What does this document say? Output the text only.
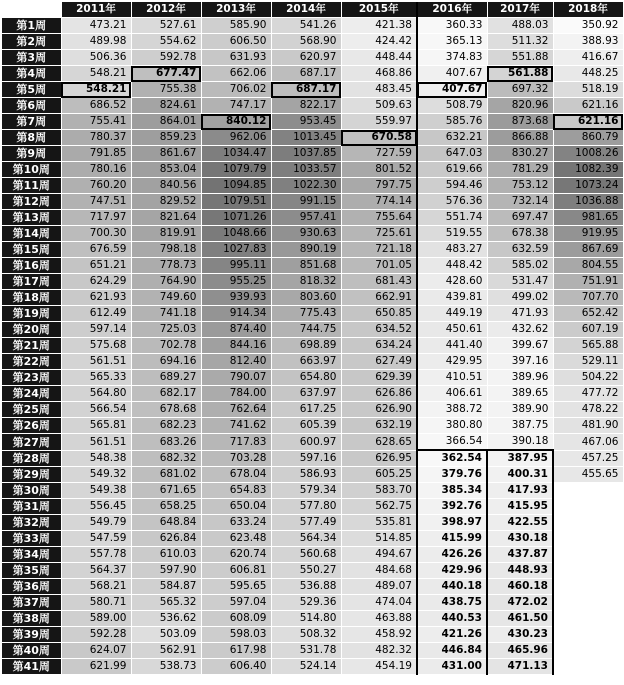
	2011年	2012年	2013年	2014年	2015年	2016年	2017年	2018年
第1周	473.21	527.61	585.90	541.26	421.38	360.33	488.03	350.92
第2周	489.98	554.62	606.50	568.90	424.42	365.13	511.32	388.93
第3周	506.36	592.78	631.93	620.97	448.44	374.83	551.88	416.67
第4周	548.21	677.47	662.06	687.17	468.86	407.67	561.88	448.25
第5周	548.21	755.38	706.02	687.17	483.45	407.67	697.32	518.19
第6周	686.52	824.61	747.17	822.17	509.63	508.79	820.96	621.16
第7周	755.41	864.01	840.12	953.45	559.97	585.76	873.68	621.16
第8周	780.37	859.23	962.06	1013.45	670.58	632.21	866.88	860.79
第9周	791.85	861.67	1034.47	1037.85	727.59	647.03	830.27	1008.26
第10周	780.16	853.04	1079.79	1033.57	801.52	619.66	781.29	1082.39
第11周	760.20	840.56	1094.85	1022.30	797.75	594.46	753.12	1073.24
第12周	747.51	829.52	1079.51	991.15	774.14	576.36	732.14	1036.88
第13周	717.97	821.64	1071.26	957.41	755.64	551.74	697.47	981.65
第14周	700.30	819.91	1048.66	930.63	725.61	519.55	678.38	919.95
第15周	676.59	798.18	1027.83	890.19	721.18	483.27	632.59	867.69
第16周	651.21	778.73	995.11	851.68	701.05	448.42	585.02	804.55
第17周	624.29	764.90	955.25	818.32	681.43	428.60	531.47	751.91
第18周	621.93	749.60	939.93	803.60	662.91	439.81	499.02	707.70
第19周	612.49	741.18	914.34	775.43	650.85	449.19	471.93	652.42
第20周	597.14	725.03	874.40	744.75	634.52	450.61	432.62	607.19
第21周	575.68	702.78	844.16	698.89	634.24	441.40	399.67	565.88
第22周	561.51	694.16	812.40	663.97	627.49	429.95	397.16	529.11
第23周	565.33	689.27	790.07	654.80	629.39	410.51	389.96	504.22
第24周	564.80	682.17	784.00	637.97	626.86	406.61	389.65	477.72
第25周	566.54	678.68	762.64	617.25	626.90	388.72	389.90	478.22
第26周	565.81	682.23	741.62	605.39	632.19	380.80	387.75	481.90
第27周	561.51	683.26	717.83	600.97	628.65	366.54	390.18	467.06
第28周	548.38	682.32	703.28	597.16	626.95	362.54	387.95	457.25
第29周	549.32	681.02	678.04	586.93	605.25	379.76	400.31	455.65
第30周	549.38	671.65	654.83	579.34	583.70	385.34	417.93	
第31周	556.45	658.25	650.04	577.80	562.75	392.76	415.95	
第32周	549.79	648.84	633.24	577.49	535.81	398.97	422.55	
第33周	547.59	626.84	623.48	564.34	514.85	415.99	430.18	
第34周	557.78	610.03	620.74	560.68	494.67	426.26	437.87	
第35周	564.37	597.90	606.81	550.27	484.68	429.96	448.93	
第36周	568.21	584.87	595.65	536.88	489.07	440.18	460.18	
第37周	580.71	565.32	597.04	529.36	474.04	438.75	472.02	
第38周	589.00	536.62	608.09	514.80	463.88	440.53	461.50	
第39周	592.28	503.09	598.03	508.32	458.92	421.26	430.23	
第40周	624.07	562.91	617.98	531.78	482.32	446.84	465.96	
第41周	621.99	538.73	606.40	524.14	454.19	431.00	471.13	
